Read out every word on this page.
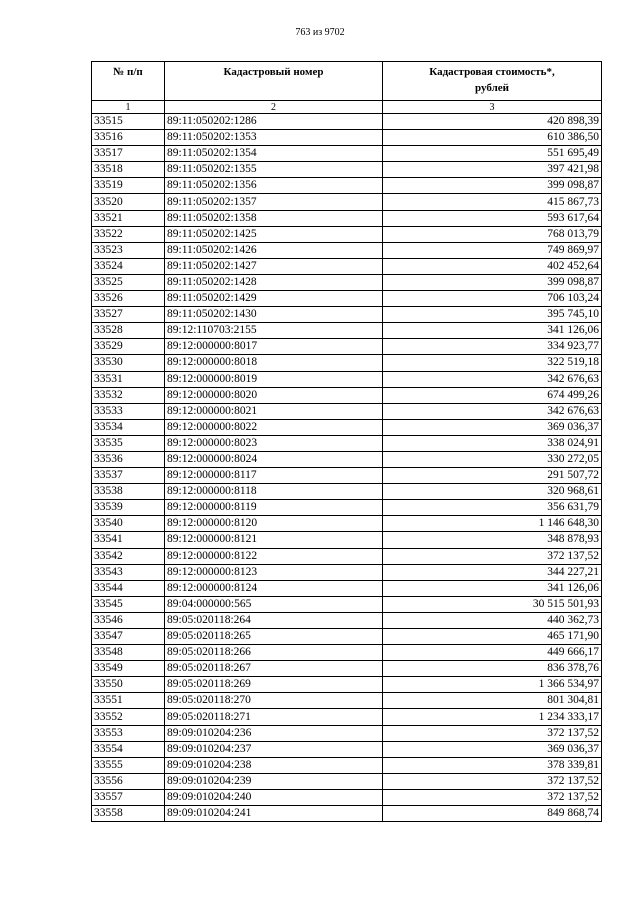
763 из 9702
№ п/п	Кадастровый номер	Кадастровая стоимость*, рублей
1	2	3
33515	89:11:050202:1286	420 898,39
33516	89:11:050202:1353	610 386,50
33517	89:11:050202:1354	551 695,49
33518	89:11:050202:1355	397 421,98
33519	89:11:050202:1356	399 098,87
33520	89:11:050202:1357	415 867,73
33521	89:11:050202:1358	593 617,64
33522	89:11:050202:1425	768 013,79
33523	89:11:050202:1426	749 869,97
33524	89:11:050202:1427	402 452,64
33525	89:11:050202:1428	399 098,87
33526	89:11:050202:1429	706 103,24
33527	89:11:050202:1430	395 745,10
33528	89:12:110703:2155	341 126,06
33529	89:12:000000:8017	334 923,77
33530	89:12:000000:8018	322 519,18
33531	89:12:000000:8019	342 676,63
33532	89:12:000000:8020	674 499,26
33533	89:12:000000:8021	342 676,63
33534	89:12:000000:8022	369 036,37
33535	89:12:000000:8023	338 024,91
33536	89:12:000000:8024	330 272,05
33537	89:12:000000:8117	291 507,72
33538	89:12:000000:8118	320 968,61
33539	89:12:000000:8119	356 631,79
33540	89:12:000000:8120	1 146 648,30
33541	89:12:000000:8121	348 878,93
33542	89:12:000000:8122	372 137,52
33543	89:12:000000:8123	344 227,21
33544	89:12:000000:8124	341 126,06
33545	89:04:000000:565	30 515 501,93
33546	89:05:020118:264	440 362,73
33547	89:05:020118:265	465 171,90
33548	89:05:020118:266	449 666,17
33549	89:05:020118:267	836 378,76
33550	89:05:020118:269	1 366 534,97
33551	89:05:020118:270	801 304,81
33552	89:05:020118:271	1 234 333,17
33553	89:09:010204:236	372 137,52
33554	89:09:010204:237	369 036,37
33555	89:09:010204:238	378 339,81
33556	89:09:010204:239	372 137,52
33557	89:09:010204:240	372 137,52
33558	89:09:010204:241	849 868,74
